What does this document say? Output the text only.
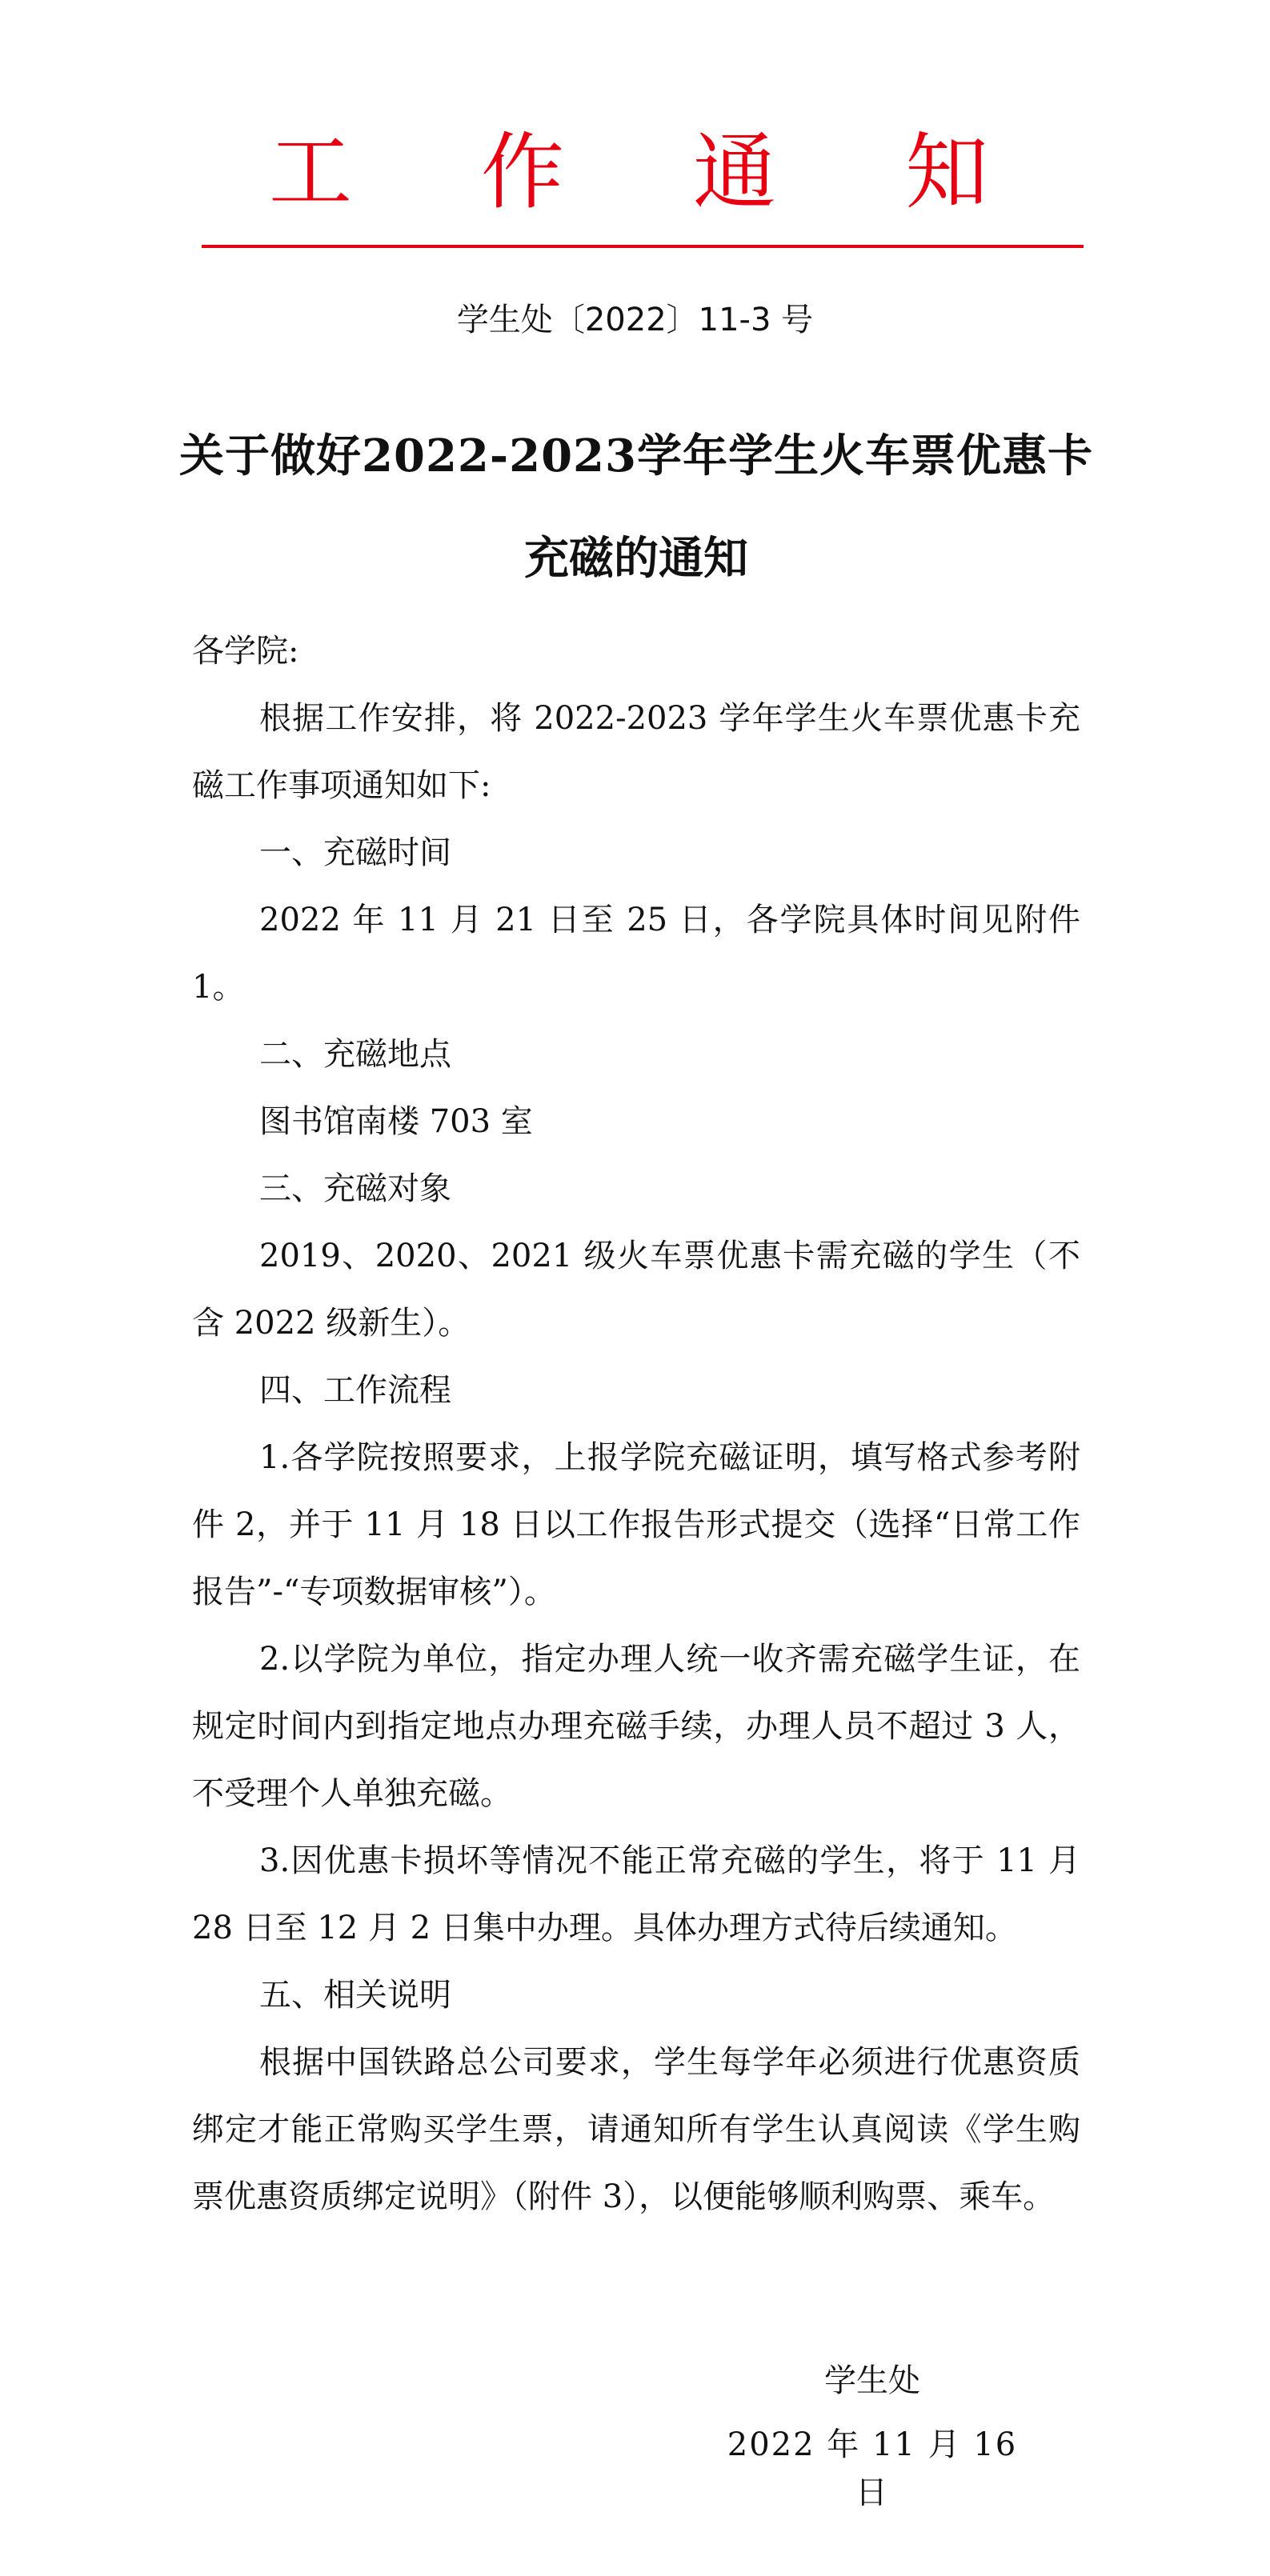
工 作 通 知
学生处〔2022〕11-3 号
关于做好2022-2023学年学生火车票优惠卡
充磁的通知

各学院:

根据工作安排，将 2022-2023 学年学生火车票优惠卡充磁工作事项通知如下:

一、充磁时间

2022 年 11 月 21 日至 25 日，各学院具体时间见附件 1。

二、充磁地点

图书馆南楼 703 室

三、充磁对象

2019、2020、2021 级火车票优惠卡需充磁的学生（不含 2022 级新生）。

四、工作流程

1.各学院按照要求，上报学院充磁证明，填写格式参考附件 2，并于 11 月 18 日以工作报告形式提交（选择“日常工作报告”-“专项数据审核”）。

2.以学院为单位，指定办理人统一收齐需充磁学生证，在规定时间内到指定地点办理充磁手续，办理人员不超过 3 人，不受理个人单独充磁。

3.因优惠卡损坏等情况不能正常充磁的学生，将于 11 月 28 日至 12 月 2 日集中办理。具体办理方式待后续通知。

五、相关说明

根据中国铁路总公司要求，学生每学年必须进行优惠资质绑定才能正常购买学生票，请通知所有学生认真阅读《学生购票优惠资质绑定说明》（附件 3），以便能够顺利购票、乘车。

学生处
2022 年 11 月 16 日
